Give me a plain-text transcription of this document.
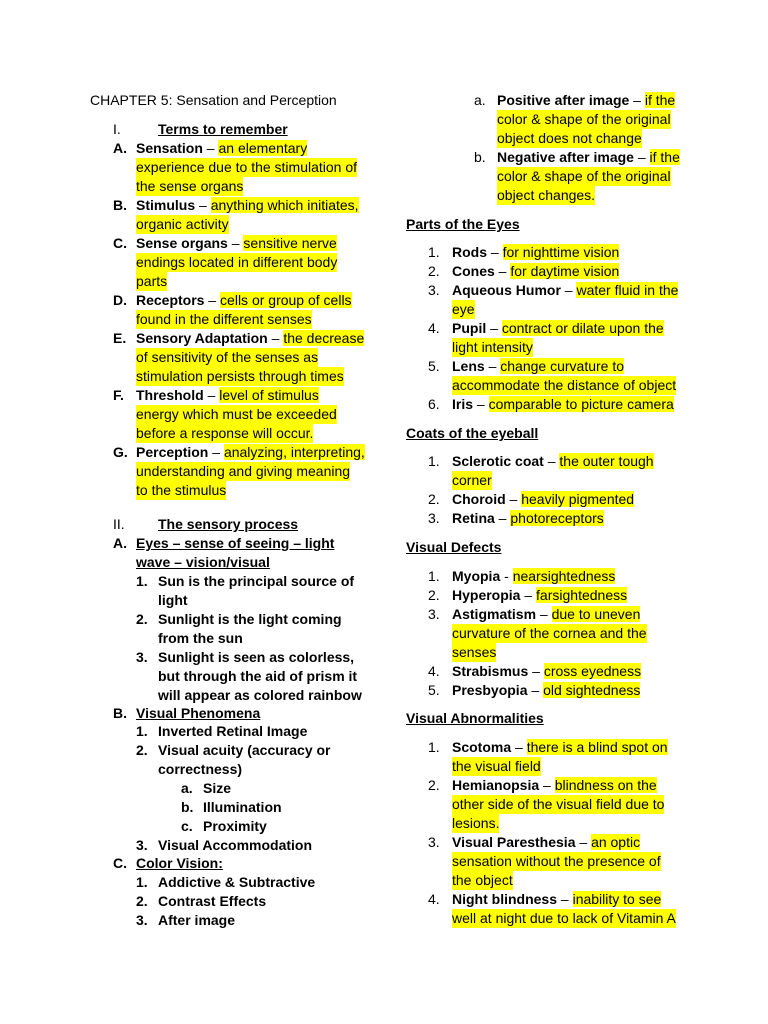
CHAPTER 5: Sensation and Perception
I.	Terms to remember
A. Sensation – an elementary
experience due to the stimulation of
the sense organs
B. Stimulus – anything which initiates,
organic activity
C. Sense organs – sensitive nerve
endings located in different body
parts
D. Receptors – cells or group of cells
found in the different senses
E. Sensory Adaptation – the decrease
of sensitivity of the senses as
stimulation persists through times
F. Threshold – level of stimulus
energy which must be exceeded
before a response will occur.
G. Perception – analyzing, interpreting,
understanding and giving meaning
to the stimulus
II. The sensory process
A. Eyes – sense of seeing – light
wave – vision/visual
1. Sun is the principal source of
light
2. Sunlight is the light coming
from the sun
3. Sunlight is seen as colorless,
but through the aid of prism it
will appear as colored rainbow
B. Visual Phenomena
1. Inverted Retinal Image
2. Visual acuity (accuracy or
correctness)
a. Size
b. Illumination
c. Proximity
3. Visual Accommodation
C. Color Vision:
1. Addictive & Subtractive
2. Contrast Effects
3. After image
a. Positive after image – if the
color & shape of the original
object does not change
b. Negative after image – if the
color & shape of the original
object changes.
Parts of the Eyes
1. Rods – for nighttime vision
2. Cones – for daytime vision
3. Aqueous Humor – water fluid in the
eye
4. Pupil – contract or dilate upon the
light intensity
5. Lens – change curvature to
accommodate the distance of object
6. Iris – comparable to picture camera
Coats of the eyeball
1. Sclerotic coat – the outer tough
corner
2. Choroid – heavily pigmented
3. Retina – photoreceptors
Visual Defects
1. Myopia - nearsightedness
2. Hyperopia – farsightedness
3. Astigmatism – due to uneven
curvature of the cornea and the
senses
4. Strabismus – cross eyedness
5. Presbyopia – old sightedness
Visual Abnormalities
1. Scotoma – there is a blind spot on
the visual field
2. Hemianopsia – blindness on the
other side of the visual field due to
lesions.
3. Visual Paresthesia – an optic
sensation without the presence of
the object
4. Night blindness – inability to see
well at night due to lack of Vitamin A
